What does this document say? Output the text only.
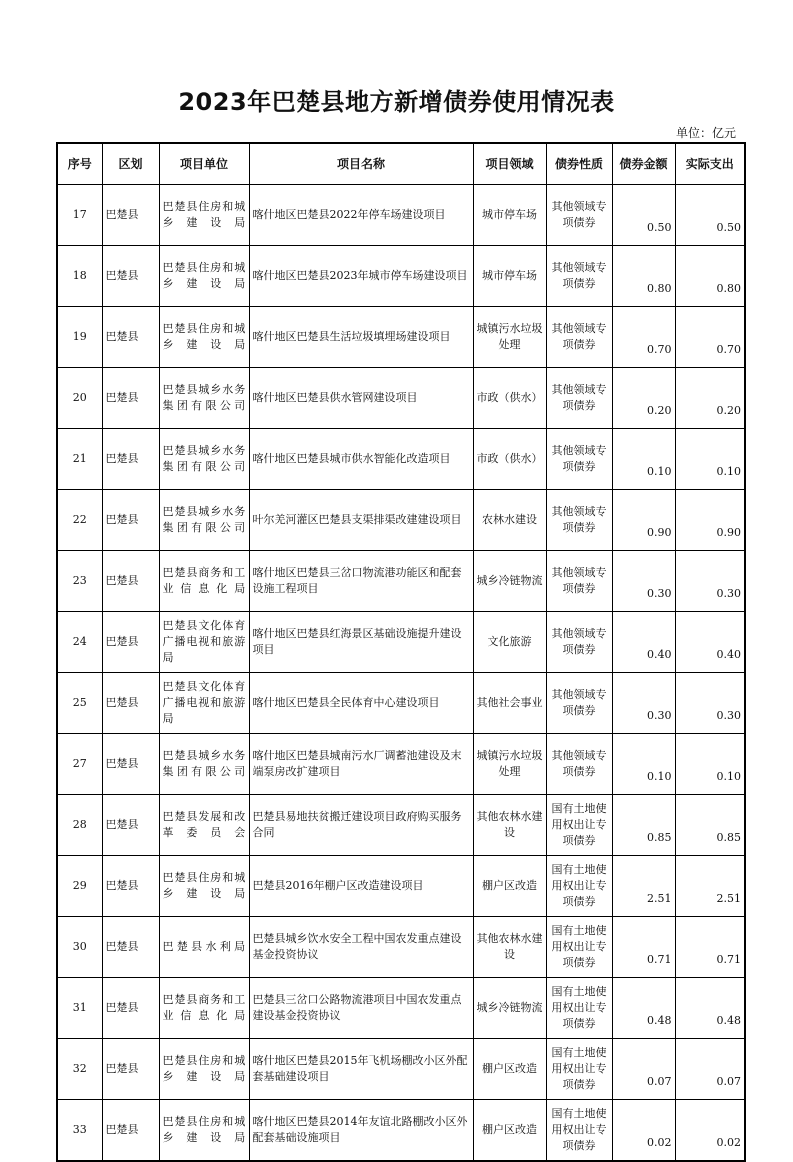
2023年巴楚县地方新增债券使用情况表
单位：亿元
序号	区划	项目单位	项目名称	项目领域	债券性质	债券金额	实际支出

17	巴楚县	巴楚县住房和城乡建设局	喀什地区巴楚县2022年停车场建设项目	城市停车场	其他领域专项债券	0.50	0.50

18	巴楚县	巴楚县住房和城乡建设局	喀什地区巴楚县2023年城市停车场建设项目	城市停车场	其他领域专项债券	0.80	0.80

19	巴楚县	巴楚县住房和城乡建设局	喀什地区巴楚县生活垃圾填埋场建设项目	城镇污水垃圾处理	其他领域专项债券	0.70	0.70

20	巴楚县	巴楚县城乡水务集团有限公司	喀什地区巴楚县供水管网建设项目	市政（供水）	其他领域专项债券	0.20	0.20

21	巴楚县	巴楚县城乡水务集团有限公司	喀什地区巴楚县城市供水智能化改造项目	市政（供水）	其他领域专项债券	0.10	0.10

22	巴楚县	巴楚县城乡水务集团有限公司	叶尔羌河灌区巴楚县支渠排渠改建建设项目	农林水建设	其他领域专项债券	0.90	0.90

23	巴楚县	巴楚县商务和工业信息化局	喀什地区巴楚县三岔口物流港功能区和配套设施工程项目	城乡冷链物流	其他领域专项债券	0.30	0.30

24	巴楚县	巴楚县文化体育广播电视和旅游局	喀什地区巴楚县红海景区基础设施提升建设项目	文化旅游	其他领域专项债券	0.40	0.40

25	巴楚县	巴楚县文化体育广播电视和旅游局	喀什地区巴楚县全民体育中心建设项目	其他社会事业	其他领域专项债券	0.30	0.30

27	巴楚县	巴楚县城乡水务集团有限公司	喀什地区巴楚县城南污水厂调蓄池建设及末端泵房改扩建项目	城镇污水垃圾处理	其他领域专项债券	0.10	0.10

28	巴楚县	巴楚县发展和改革委员会	巴楚县易地扶贫搬迁建设项目政府购买服务合同	其他农林水建设	国有土地使用权出让专项债券	0.85	0.85

29	巴楚县	巴楚县住房和城乡建设局	巴楚县2016年棚户区改造建设项目	棚户区改造	国有土地使用权出让专项债券	2.51	2.51

30	巴楚县	巴楚县水利局	巴楚县城乡饮水安全工程中国农发重点建设基金投资协议	其他农林水建设	国有土地使用权出让专项债券	0.71	0.71

31	巴楚县	巴楚县商务和工业信息化局	巴楚县三岔口公路物流港项目中国农发重点建设基金投资协议	城乡冷链物流	国有土地使用权出让专项债券	0.48	0.48

32	巴楚县	巴楚县住房和城乡建设局	喀什地区巴楚县2015年飞机场棚改小区外配套基础建设项目	棚户区改造	国有土地使用权出让专项债券	0.07	0.07

33	巴楚县	巴楚县住房和城乡建设局	喀什地区巴楚县2014年友谊北路棚改小区外配套基础设施项目	棚户区改造	国有土地使用权出让专项债券	0.02	0.02
